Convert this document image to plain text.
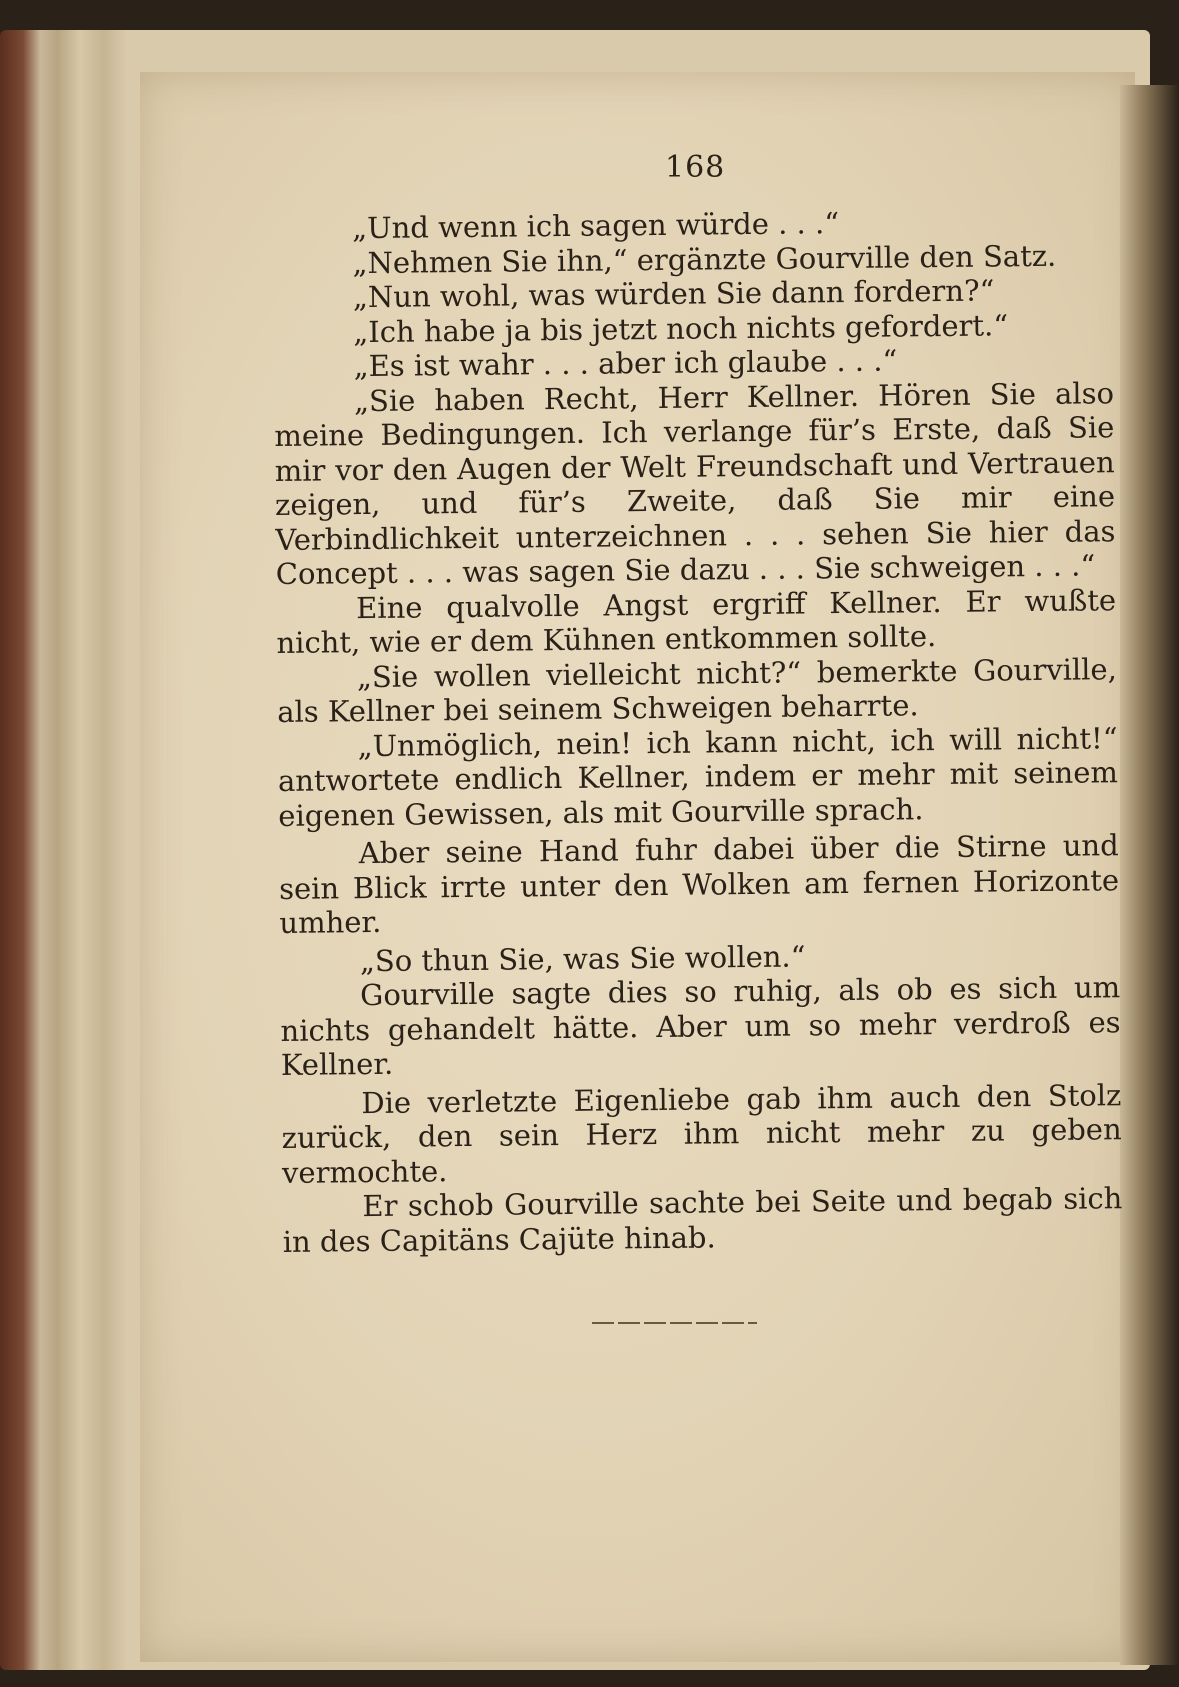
168

„Und wenn ich sagen würde . . .“

„Nehmen Sie ihn,“ ergänzte Gourville den Satz.

„Nun wohl, was würden Sie dann fordern?“

„Ich habe ja bis jetzt noch nichts gefordert.“

„Es ist wahr . . . aber ich glaube . . .“

„Sie haben Recht, Herr Kellner. Hören Sie also meine Bedingungen. Ich verlange für’s Erste, daß Sie mir vor den Augen der Welt Freundschaft und Vertrauen zeigen, und für’s Zweite, daß Sie mir eine Verbindlichkeit unterzeichnen . . . sehen Sie hier das Concept . . . was sagen Sie dazu . . . Sie schweigen . . .“

Eine qualvolle Angst ergriff Kellner. Er wußte nicht, wie er dem Kühnen entkommen sollte.

„Sie wollen vielleicht nicht?“ bemerkte Gourville, als Kellner bei seinem Schweigen beharrte.

„Unmöglich, nein! ich kann nicht, ich will nicht!“ antwortete endlich Kellner, indem er mehr mit seinem eigenen Gewissen, als mit Gourville sprach.

Aber seine Hand fuhr dabei über die Stirne und sein Blick irrte unter den Wolken am fernen Horizonte umher.

„So thun Sie, was Sie wollen.“

Gourville sagte dies so ruhig, als ob es sich um nichts gehandelt hätte. Aber um so mehr verdroß es Kellner.

Die verletzte Eigenliebe gab ihm auch den Stolz zurück, den sein Herz ihm nicht mehr zu geben vermochte.

Er schob Gourville sachte bei Seite und begab sich in des Capitäns Cajüte hinab.
